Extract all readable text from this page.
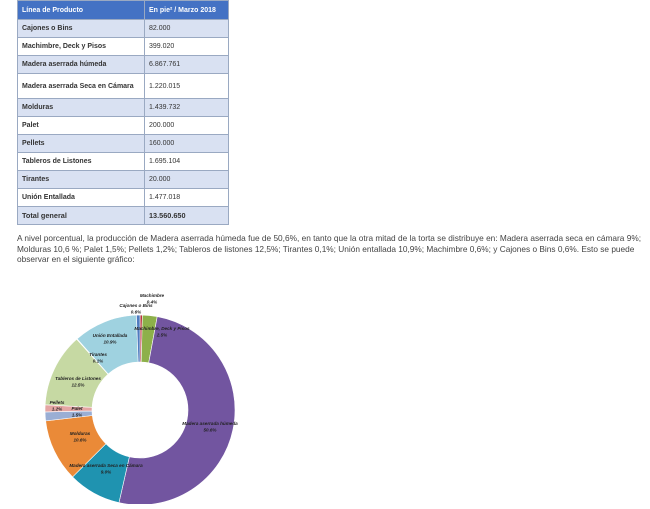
Línea de Producto	En pie² / Marzo 2018
Cajones o Bins	82.000
Machimbre, Deck y Pisos	399.020
Madera aserrada húmeda	6.867.761
Madera aserrada Seca en Cámara	1.220.015
Molduras	1.439.732
Palet	200.000
Pellets	160.000
Tableros de Listones	1.695.104
Tirantes	20.000
Unión Entallada	1.477.018
Total general	13.560.650

A nivel porcentual, la producción de Madera aserrada húmeda fue de 50,6%, en tanto que la otra mitad de la torta se distribuye en: Madera aserrada seca en cámara 9%; Molduras 10,6 %; Palet 1,5%; Pellets 1,2%; Tableros de listones 12,5%; Tirantes 0,1%; Unión entallada 10,9%; Machimbre 0,6%; y Cajones o Bins 0,6%. Esto se puede observar en el siguiente gráfico:

Machimbre 0.4%
Machimbre, Deck y Pisos 2.5%
Madera aserrada húmeda 50.6%
Madera aserrada Seca en Cámara 9.0%
Molduras 10.6%
Palet 1.5%
Pellets 1.2%
Tableros de Listones 12.5%
Tirantes 0.1%
Unión Entallada 10.9%
Cajones o Bins 0.6%
